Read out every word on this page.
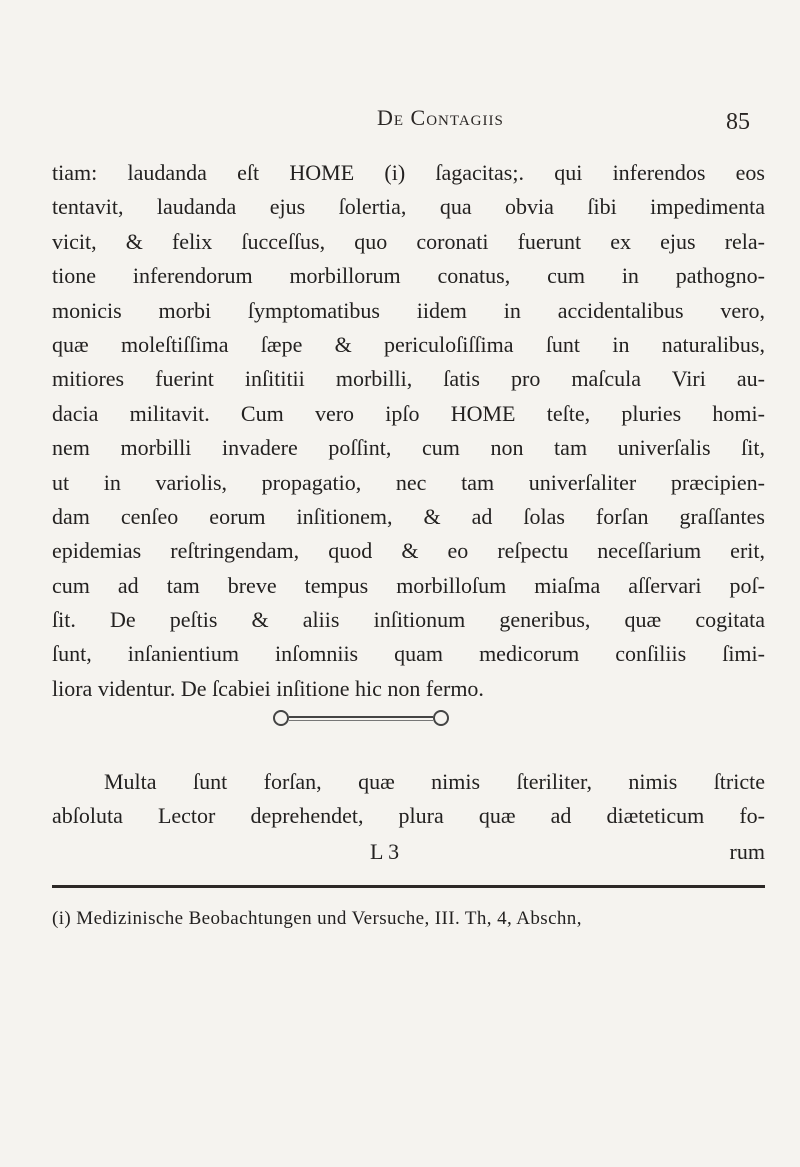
De Contagiis	85
tiam: laudanda eſt HOME (i) ſagacitas;. qui inferendos eos
tentavit, laudanda ejus ſolertia, qua obvia ſibi impedimenta
vicit, & felix ſucceſſus, quo coronati fuerunt ex ejus rela-
tione inferendorum morbillorum conatus, cum in pathogno-
monicis morbi ſymptomatibus iidem in accidentalibus vero,
quæ moleſtiſſima ſæpe & periculoſiſſima ſunt in naturalibus,
mitiores fuerint inſititii morbilli, ſatis pro maſcula Viri au-
dacia militavit. Cum vero ipſo HOME teſte, pluries homi-
nem morbilli invadere poſſint, cum non tam univerſalis ſit,
ut in variolis, propagatio, nec tam univerſaliter præcipien-
dam cenſeo eorum inſitionem, & ad ſolas forſan graſſantes
epidemias reſtringendam, quod & eo reſpectu neceſſarium erit,
cum ad tam breve tempus morbilloſum miaſma aſſervari poſ-
ſit. De peſtis & aliis inſitionum generibus, quæ cogitata
ſunt, inſanientium inſomniis quam medicorum conſiliis ſimi-
liora videntur. De ſcabiei inſitione hic non fermo.
Multa ſunt forſan, quæ nimis ſteriliter, nimis ſtricte
abſoluta Lector deprehendet, plura quæ ad diæteticum fo-
L 3	rum
(i) Medizinische Beobachtungen und Versuche, III. Th, 4, Abschn,
